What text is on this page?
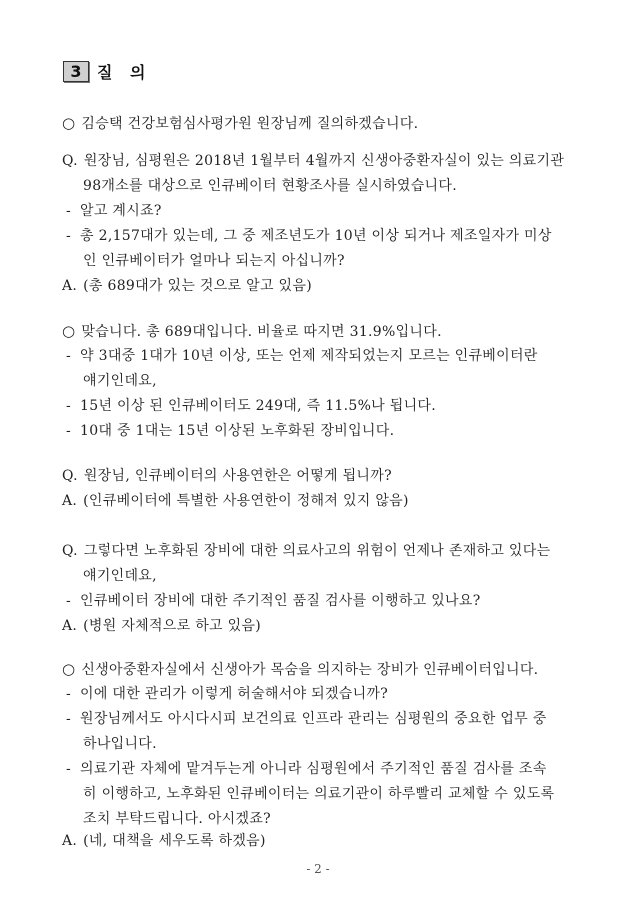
3 질 의
○ 김승택 건강보험심사평가원 원장님께 질의하겠습니다.
Q. 원장님, 심평원은 2018년 1월부터 4월까지 신생아중환자실이 있는 의료기관
98개소를 대상으로 인큐베이터 현황조사를 실시하였습니다.
- 알고 계시죠?
- 총 2,157대가 있는데, 그 중 제조년도가 10년 이상 되거나 제조일자가 미상
인 인큐베이터가 얼마나 되는지 아십니까?
A. (총 689대가 있는 것으로 알고 있음)
○ 맞습니다. 총 689대입니다. 비율로 따지면 31.9%입니다.
- 약 3대중 1대가 10년 이상, 또는 언제 제작되었는지 모르는 인큐베이터란
얘기인데요,
- 15년 이상 된 인큐베이터도 249대, 즉 11.5%나 됩니다.
- 10대 중 1대는 15년 이상된 노후화된 장비입니다.
Q. 원장님, 인큐베이터의 사용연한은 어떻게 됩니까?
A. (인큐베이터에 특별한 사용연한이 정해져 있지 않음)
Q. 그렇다면 노후화된 장비에 대한 의료사고의 위험이 언제나 존재하고 있다는
얘기인데요,
- 인큐베이터 장비에 대한 주기적인 품질 검사를 이행하고 있나요?
A. (병원 자체적으로 하고 있음)
○ 신생아중환자실에서 신생아가 목숨을 의지하는 장비가 인큐베이터입니다.
- 이에 대한 관리가 이렇게 허술해서야 되겠습니까?
- 원장님께서도 아시다시피 보건의료 인프라 관리는 심평원의 중요한 업무 중
하나입니다.
- 의료기관 자체에 맡겨두는게 아니라 심평원에서 주기적인 품질 검사를 조속
히 이행하고, 노후화된 인큐베이터는 의료기관이 하루빨리 교체할 수 있도록
조치 부탁드립니다. 아시겠죠?
A. (네, 대책을 세우도록 하겠음)
- 2 -
